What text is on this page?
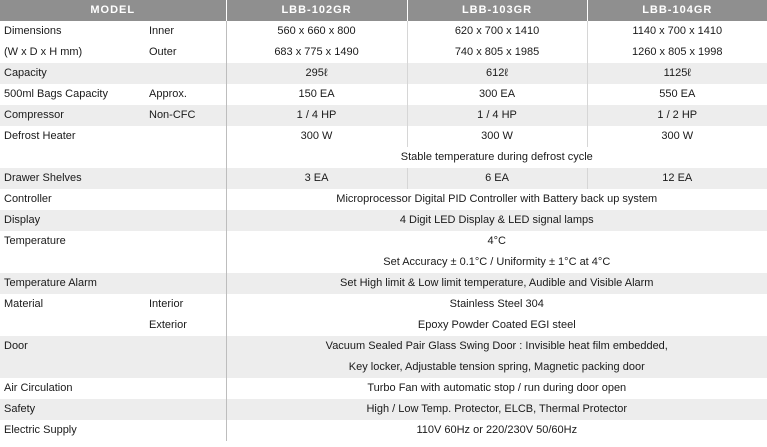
MODEL		LBB-102GR	LBB-103GR	LBB-104GR
Dimensions	Inner	560 x 660 x 800	620 x 700 x 1410	1140 x 700 x 1410
(W x D x H mm)	Outer	683 x 775 x 1490	740 x 805 x 1985	1260 x 805 x 1998
Capacity		295ℓ	612ℓ	1125ℓ
500ml Bags Capacity	Approx.	150 EA	300 EA	550 EA
Compressor	Non-CFC	1 / 4 HP	1 / 4 HP	1 / 2 HP
Defrost Heater		300 W	300 W	300 W
		Stable temperature during defrost cycle		
Drawer Shelves		3 EA	6 EA	12 EA
Controller		Microprocessor Digital PID Controller with Battery back up system		
Display		4 Digit LED Display & LED signal lamps		
Temperature		4°C		
		Set Accuracy ± 0.1°C / Uniformity ± 1°C at 4°C		
Temperature Alarm		Set High limit & Low limit temperature, Audible and Visible Alarm		
Material	Interior	Stainless Steel 304		
	Exterior	Epoxy Powder Coated EGI steel		
Door		Vacuum Sealed Pair Glass Swing Door : Invisible heat film embedded,		
		Key locker, Adjustable tension spring, Magnetic packing door		
Air Circulation		Turbo Fan with automatic stop / run during door open		
Safety		High / Low Temp. Protector, ELCB, Thermal Protector		
Electric Supply		110V 60Hz or 220/230V 50/60Hz		
